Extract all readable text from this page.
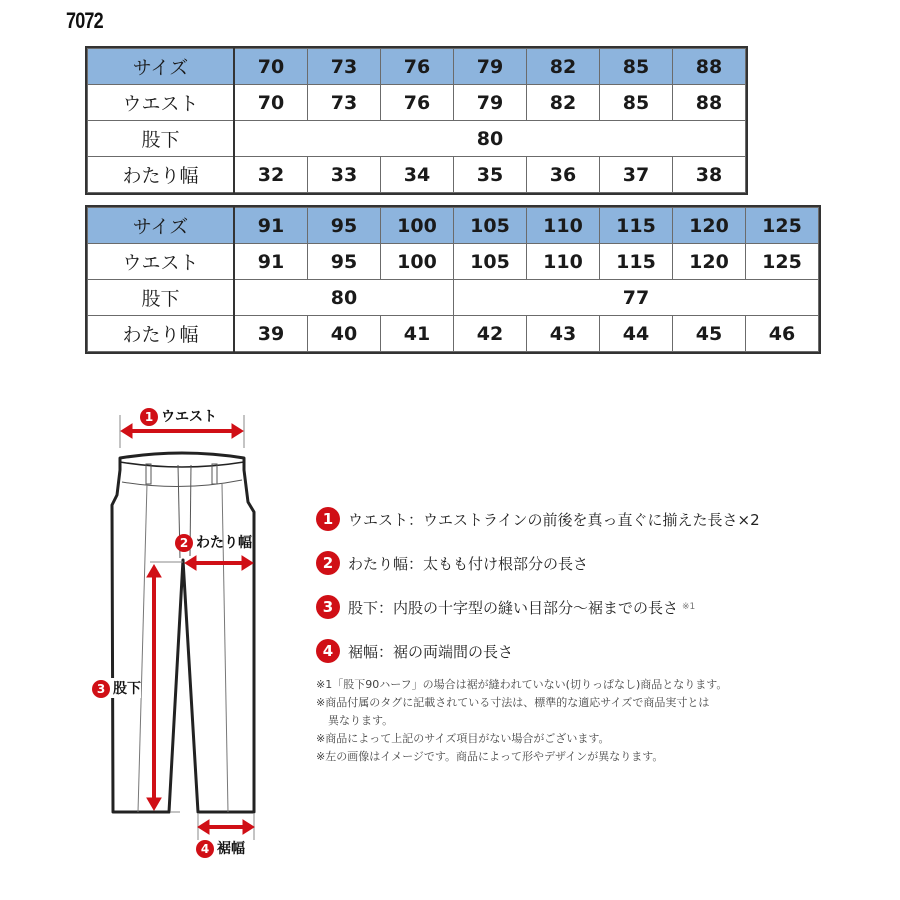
7072
サイズ	70	73	76	79	82	85	88
ウエスト	70	73	76	79	82	85	88
股下	80						
わたり幅	32	33	34	35	36	37	38
サイズ	91	95	100	105	110	115	120	125
ウエスト	91	95	100	105	110	115	120	125
股下	80			77				
わたり幅	39	40	41	42	43	44	45	46
1 ウエスト
2 わたり幅
3 股下
4 裾幅
1 ウエスト：ウエストラインの前後を真っ直ぐに揃えた長さ×2
2 わたり幅：太もも付け根部分の長さ
3 股下：内股の十字型の縫い目部分〜裾までの長さ ※1
4 裾幅：裾の両端間の長さ
※1「股下90ハーフ」の場合は裾が縫われていない(切りっぱなし)商品となります。
※商品付属のタグに記載されている寸法は、標準的な適応サイズで商品実寸とは
異なります。
※商品によって上記のサイズ項目がない場合がございます。
※左の画像はイメージです。商品によって形やデザインが異なります。
